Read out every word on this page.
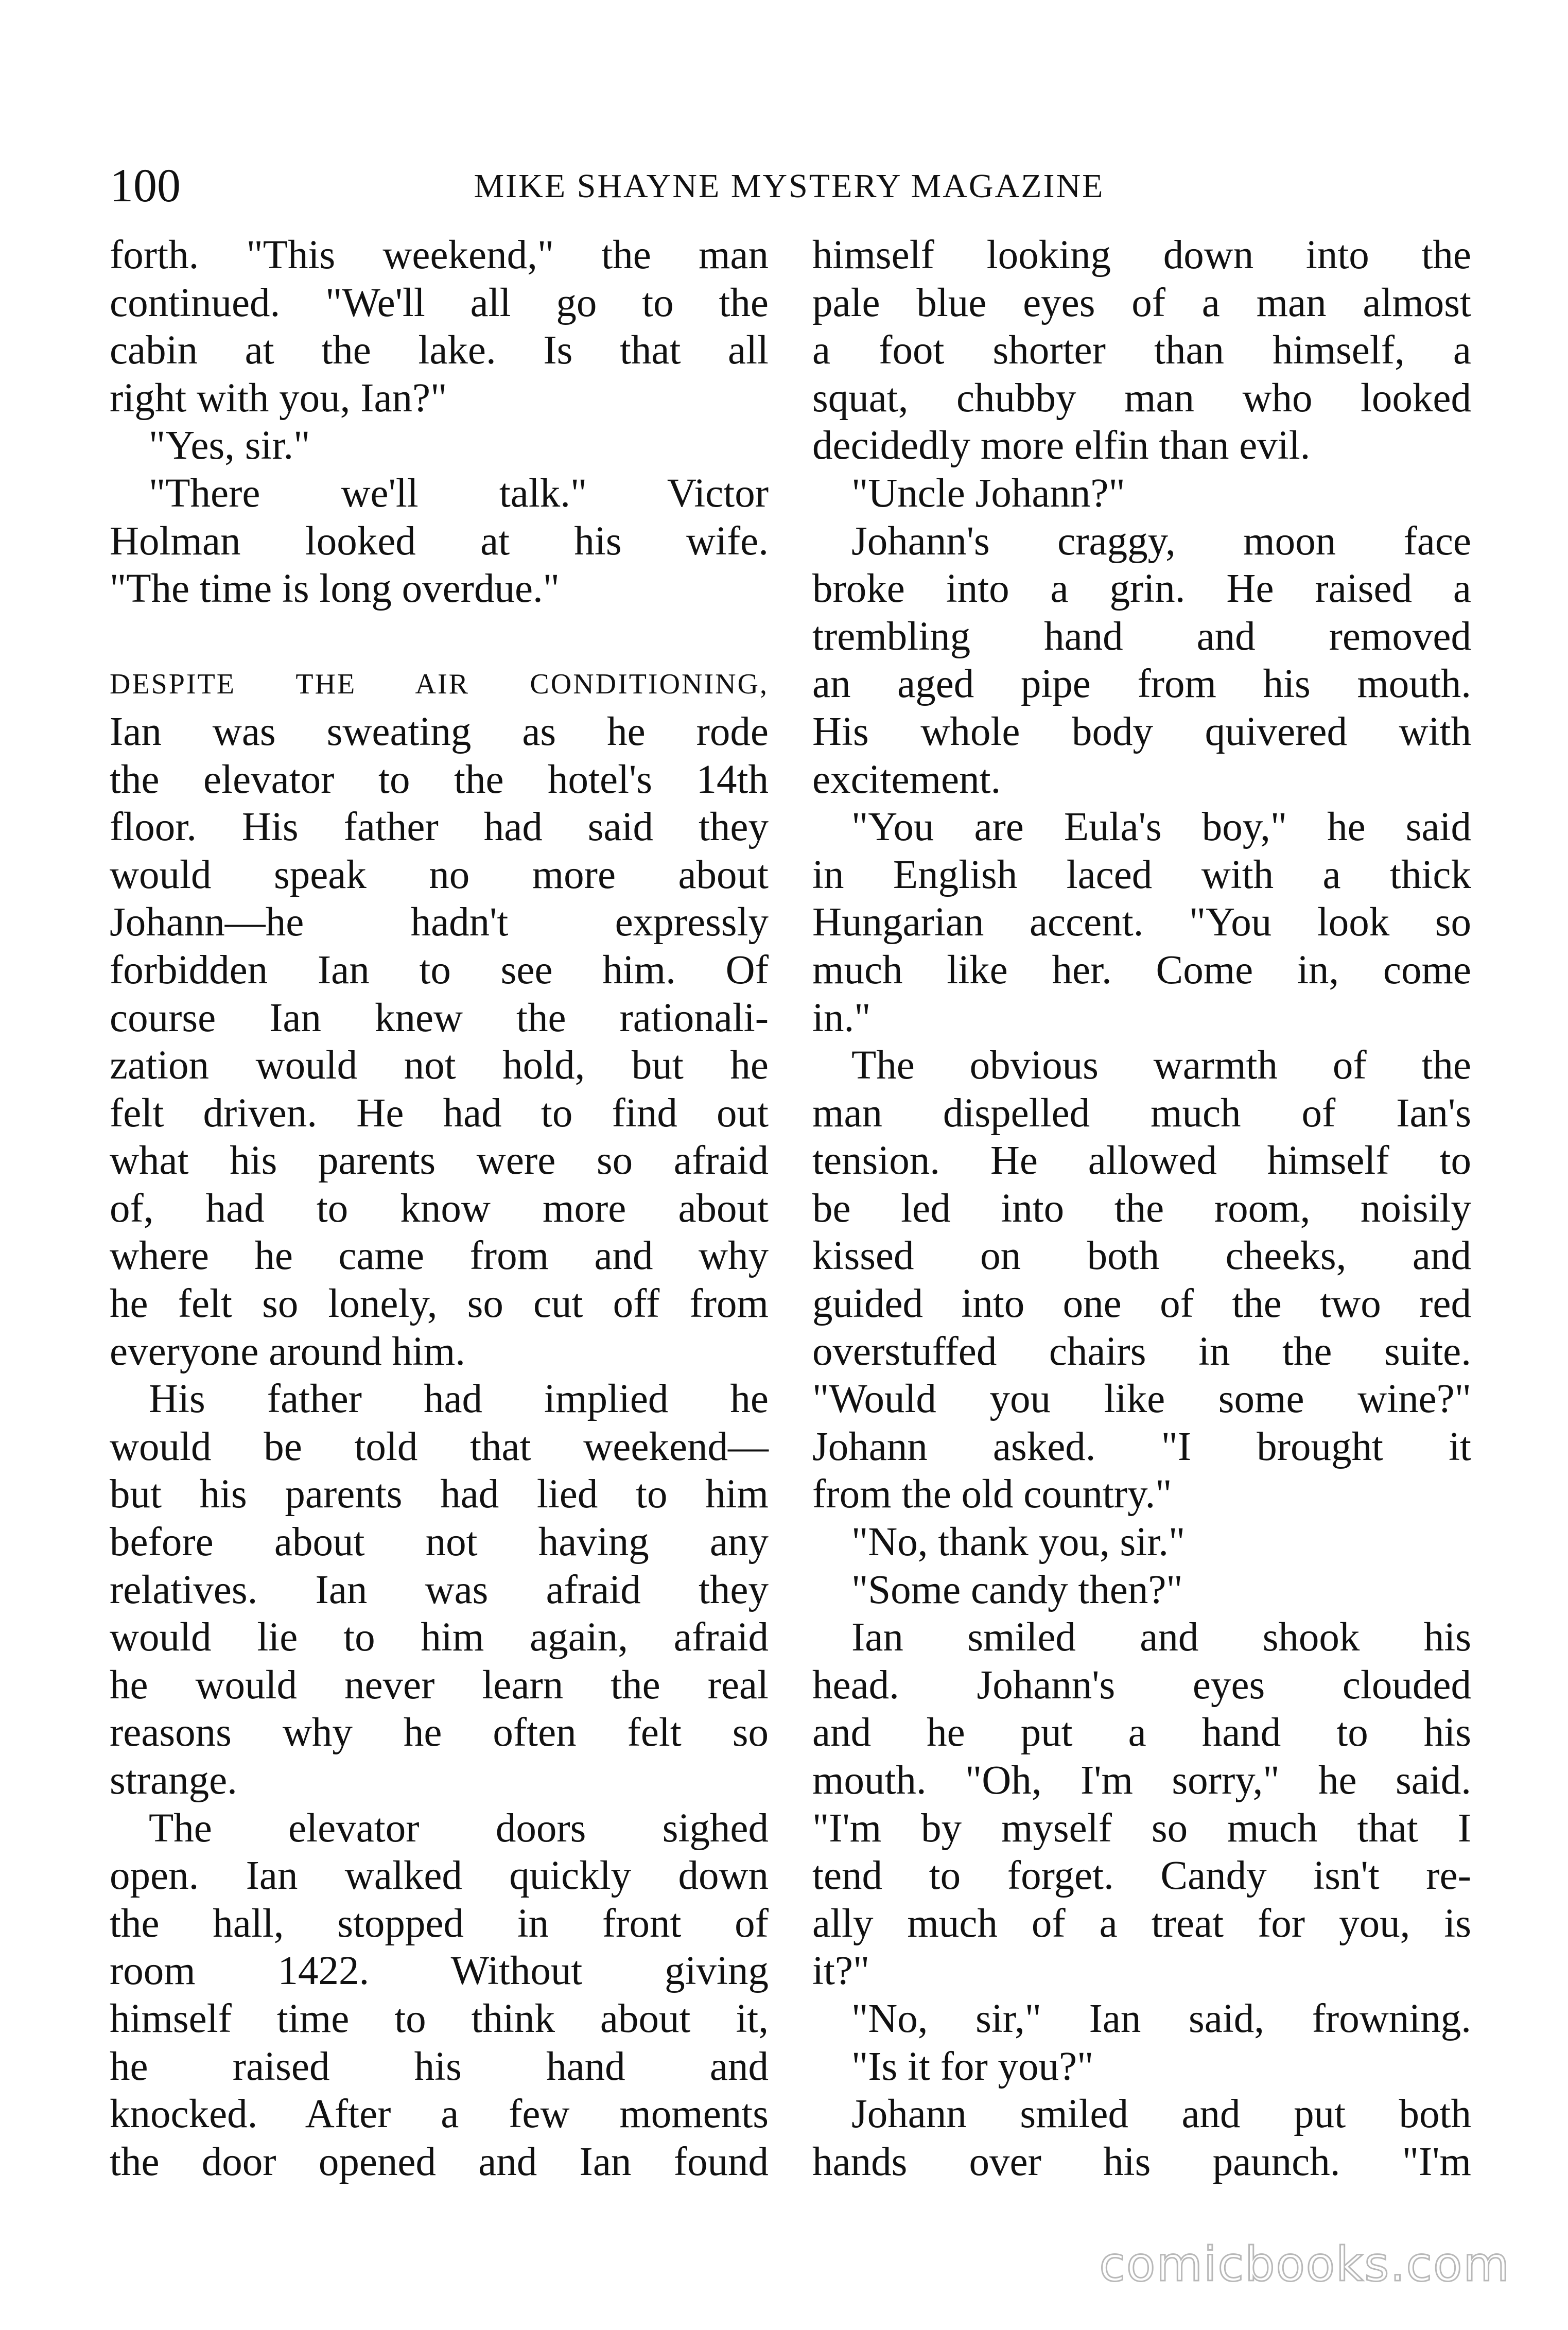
100	MIKE SHAYNE MYSTERY MAGAZINE
forth. "This weekend," the man
continued. "We'll all go to the
cabin at the lake. Is that all
right with you, Ian?"
"Yes, sir."
"There we'll talk." Victor
Holman looked at his wife.
"The time is long overdue."
DESPITE THE AIR CONDITIONING,
Ian was sweating as he rode
the elevator to the hotel's 14th
floor. His father had said they
would speak no more about
Johann—he hadn't expressly
forbidden Ian to see him. Of
course Ian knew the rationali-
zation would not hold, but he
felt driven. He had to find out
what his parents were so afraid
of, had to know more about
where he came from and why
he felt so lonely, so cut off from
everyone around him.
His father had implied he
would be told that weekend—
but his parents had lied to him
before about not having any
relatives. Ian was afraid they
would lie to him again, afraid
he would never learn the real
reasons why he often felt so
strange.
The elevator doors sighed
open. Ian walked quickly down
the hall, stopped in front of
room 1422. Without giving
himself time to think about it,
he raised his hand and
knocked. After a few moments
the door opened and Ian found
himself looking down into the
pale blue eyes of a man almost
a foot shorter than himself, a
squat, chubby man who looked
decidedly more elfin than evil.
"Uncle Johann?"
Johann's craggy, moon face
broke into a grin. He raised a
trembling hand and removed
an aged pipe from his mouth.
His whole body quivered with
excitement.
"You are Eula's boy," he said
in English laced with a thick
Hungarian accent. "You look so
much like her. Come in, come
in."
The obvious warmth of the
man dispelled much of Ian's
tension. He allowed himself to
be led into the room, noisily
kissed on both cheeks, and
guided into one of the two red
overstuffed chairs in the suite.
"Would you like some wine?"
Johann asked. "I brought it
from the old country."
"No, thank you, sir."
"Some candy then?"
Ian smiled and shook his
head. Johann's eyes clouded
and he put a hand to his
mouth. "Oh, I'm sorry," he said.
"I'm by myself so much that I
tend to forget. Candy isn't re-
ally much of a treat for you, is
it?"
"No, sir," Ian said, frowning.
"Is it for you?"
Johann smiled and put both
hands over his paunch. "I'm
comicbooks.com
